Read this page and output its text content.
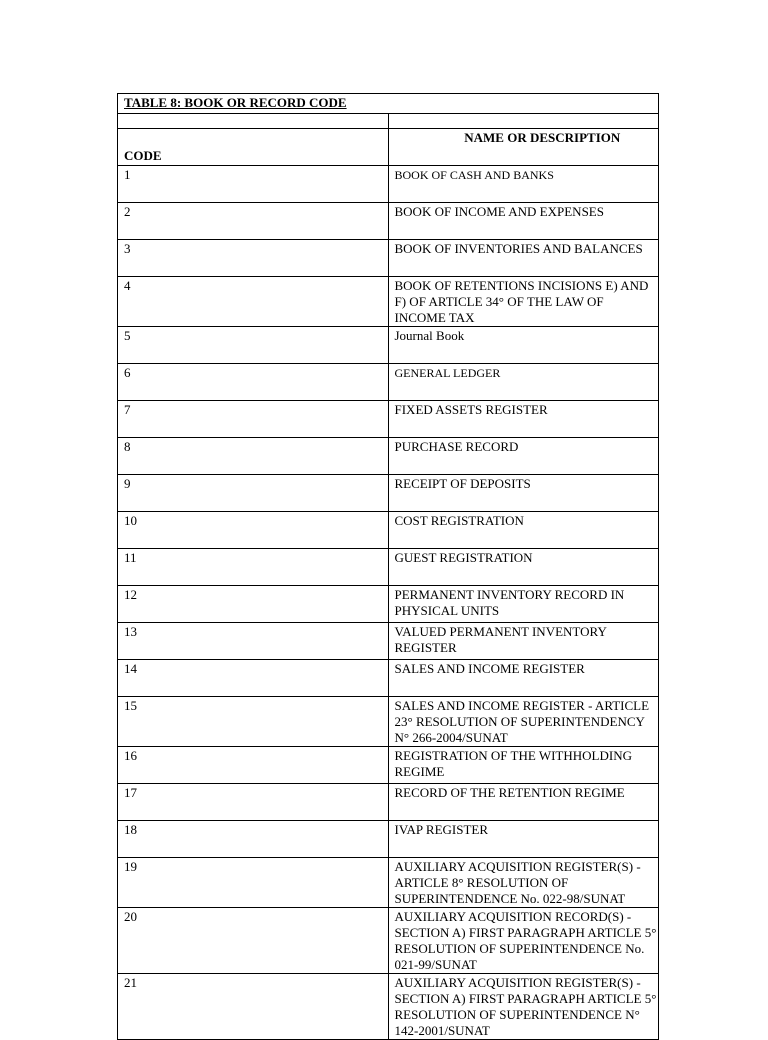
TABLE 8: BOOK OR RECORD CODE	

CODE	NAME OR DESCRIPTION
1	BOOK OF CASH AND BANKS
2	BOOK OF INCOME AND EXPENSES
3	BOOK OF INVENTORIES AND BALANCES
4	BOOK OF RETENTIONS INCISIONS E) AND F) OF ARTICLE 34° OF THE LAW OF INCOME TAX
5	Journal Book
6	GENERAL LEDGER
7	FIXED ASSETS REGISTER
8	PURCHASE RECORD
9	RECEIPT OF DEPOSITS
10	COST REGISTRATION
11	GUEST REGISTRATION
12	PERMANENT INVENTORY RECORD IN PHYSICAL UNITS
13	VALUED PERMANENT INVENTORY REGISTER
14	SALES AND INCOME REGISTER
15	SALES AND INCOME REGISTER - ARTICLE 23° RESOLUTION OF SUPERINTENDENCY N° 266-2004/SUNAT
16	REGISTRATION OF THE WITHHOLDING REGIME
17	RECORD OF THE RETENTION REGIME
18	IVAP REGISTER
19	AUXILIARY ACQUISITION REGISTER(S) - ARTICLE 8° RESOLUTION OF SUPERINTENDENCE No. 022-98/SUNAT
20	AUXILIARY ACQUISITION RECORD(S) - SECTION A) FIRST PARAGRAPH ARTICLE 5° RESOLUTION OF SUPERINTENDENCE No. 021-99/SUNAT
21	AUXILIARY ACQUISITION REGISTER(S) - SECTION A) FIRST PARAGRAPH ARTICLE 5° RESOLUTION OF SUPERINTENDENCE N° 142-2001/SUNAT
